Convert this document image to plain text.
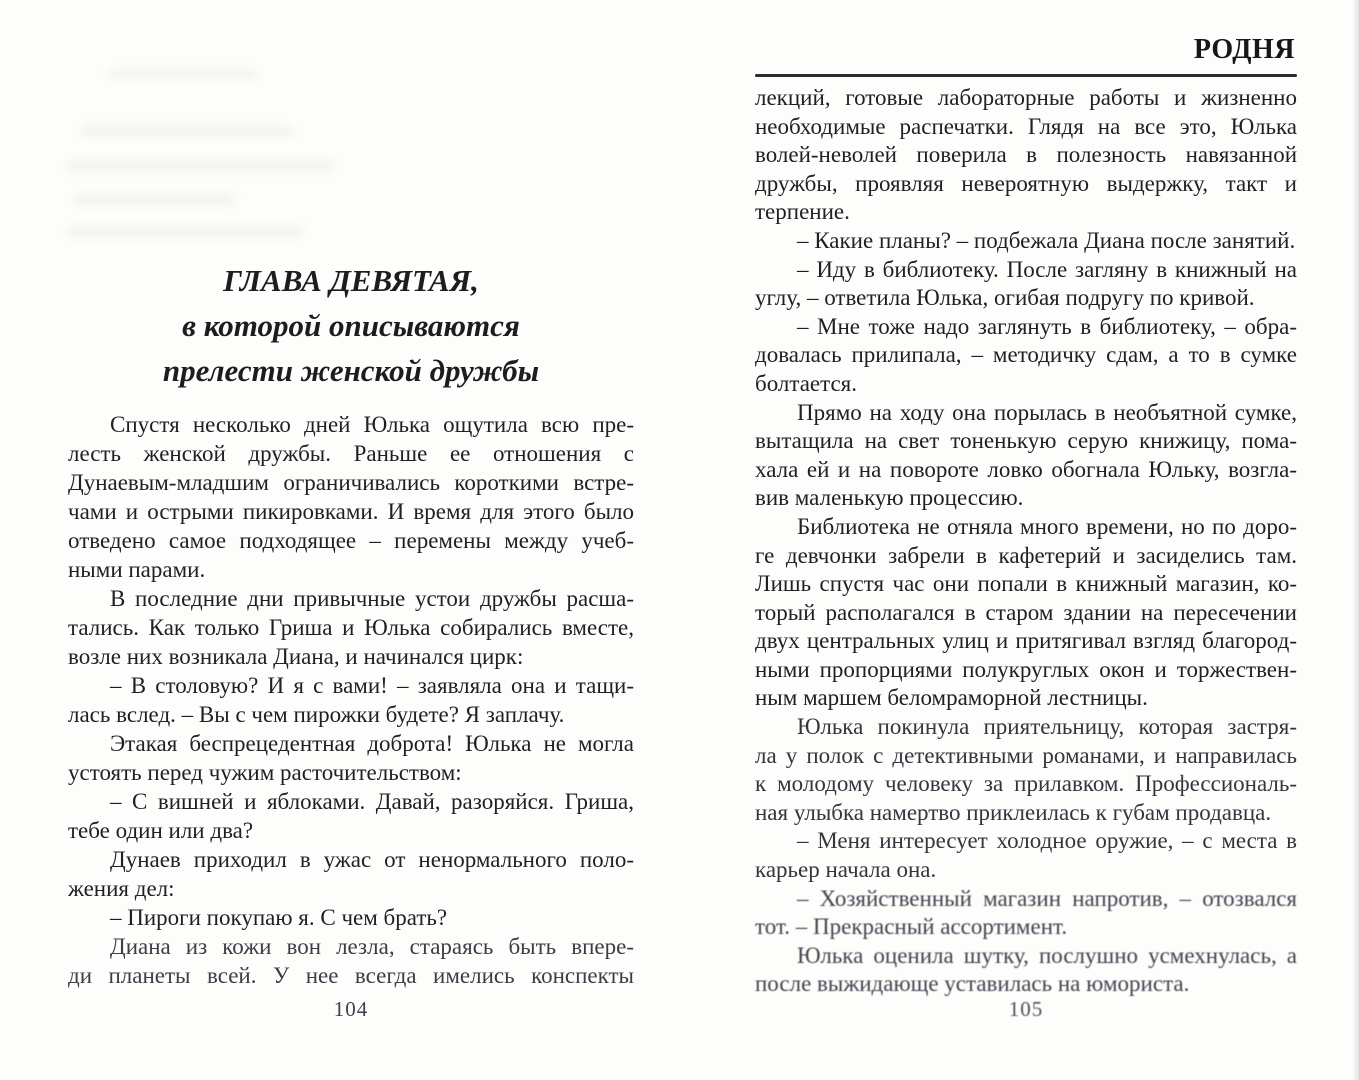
ГЛАВА ДЕВЯТАЯ,
в которой описываются
прелести женской дружбы
Спустя несколько дней Юлька ощутила всю пре-
лесть женской дружбы. Раньше ее отношения с
Дунаевым-младшим ограничивались короткими встре-
чами и острыми пикировками. И время для этого было
отведено самое подходящее – перемены между учеб-
ными парами.
В последние дни привычные устои дружбы расша-
тались. Как только Гриша и Юлька собирались вместе,
возле них возникала Диана, и начинался цирк:
– В столовую? И я с вами! – заявляла она и тащи-
лась вслед. – Вы с чем пирожки будете? Я заплачу.
Этакая беспрецедентная доброта! Юлька не могла
устоять перед чужим расточительством:
– С вишней и яблоками. Давай, разоряйся. Гриша,
тебе один или два?
Дунаев приходил в ужас от ненормального поло-
жения дел:
– Пироги покупаю я. С чем брать?
Диана из кожи вон лезла, стараясь быть впере-
ди планеты всей. У нее всегда имелись конспекты
104
РОДНЯ
лекций, готовые лабораторные работы и жизненно
необходимые распечатки. Глядя на все это, Юлька
волей-неволей поверила в полезность навязанной
дружбы, проявляя невероятную выдержку, такт и
терпение.
– Какие планы? – подбежала Диана после занятий.
– Иду в библиотеку. После загляну в книжный на
углу, – ответила Юлька, огибая подругу по кривой.
– Мне тоже надо заглянуть в библиотеку, – обра-
довалась прилипала, – методичку сдам, а то в сумке
болтается.
Прямо на ходу она порылась в необъятной сумке,
вытащила на свет тоненькую серую книжицу, пома-
хала ей и на повороте ловко обогнала Юльку, возгла-
вив маленькую процессию.
Библиотека не отняла много времени, но по доро-
ге девчонки забрели в кафетерий и засиделись там.
Лишь спустя час они попали в книжный магазин, ко-
торый располагался в старом здании на пересечении
двух центральных улиц и притягивал взгляд благород-
ными пропорциями полукруглых окон и торжествен-
ным маршем беломраморной лестницы.
Юлька покинула приятельницу, которая застря-
ла у полок с детективными романами, и направилась
к молодому человеку за прилавком. Профессиональ-
ная улыбка намертво приклеилась к губам продавца.
– Меня интересует холодное оружие, – с места в
карьер начала она.
– Хозяйственный магазин напротив, – отозвался
тот. – Прекрасный ассортимент.
Юлька оценила шутку, послушно усмехнулась, а
после выжидающе уставилась на юмориста.
105
